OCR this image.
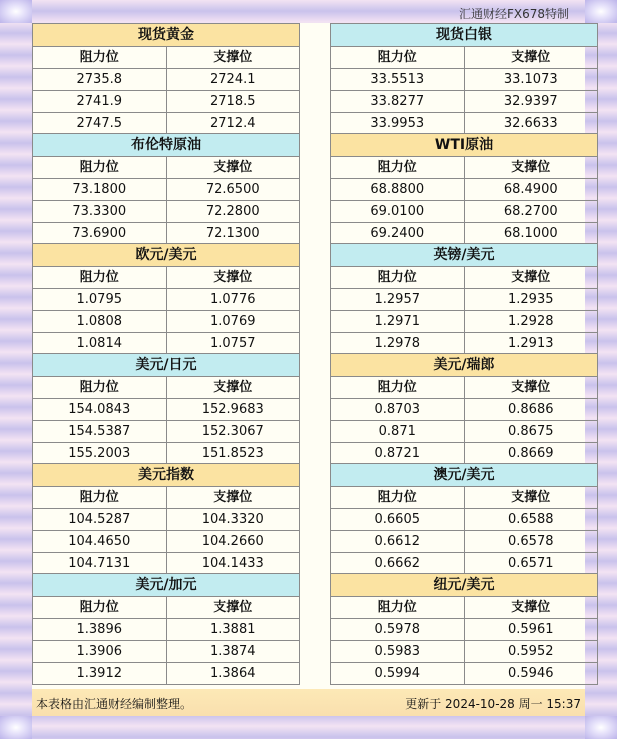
汇通财经FX678特制
现货黄金	
阻力位	支撑位
2735.8	2724.1
2741.9	2718.5
2747.5	2712.4
现货白银	
阻力位	支撑位
33.5513	33.1073
33.8277	32.9397
33.9953	32.6633
布伦特原油	
阻力位	支撑位
73.1800	72.6500
73.3300	72.2800
73.6900	72.1300
WTI原油	
阻力位	支撑位
68.8800	68.4900
69.0100	68.2700
69.2400	68.1000
欧元/美元	
阻力位	支撑位
1.0795	1.0776
1.0808	1.0769
1.0814	1.0757
英镑/美元	
阻力位	支撑位
1.2957	1.2935
1.2971	1.2928
1.2978	1.2913
美元/日元	
阻力位	支撑位
154.0843	152.9683
154.5387	152.3067
155.2003	151.8523
美元/瑞郎	
阻力位	支撑位
0.8703	0.8686
0.871	0.8675
0.8721	0.8669
美元指数	
阻力位	支撑位
104.5287	104.3320
104.4650	104.2660
104.7131	104.1433
澳元/美元	
阻力位	支撑位
0.6605	0.6588
0.6612	0.6578
0.6662	0.6571
美元/加元	
阻力位	支撑位
1.3896	1.3881
1.3906	1.3874
1.3912	1.3864
纽元/美元	
阻力位	支撑位
0.5978	0.5961
0.5983	0.5952
0.5994	0.5946
本表格由汇通财经编制整理。	更新于 2024-10-28 周一 15:37
